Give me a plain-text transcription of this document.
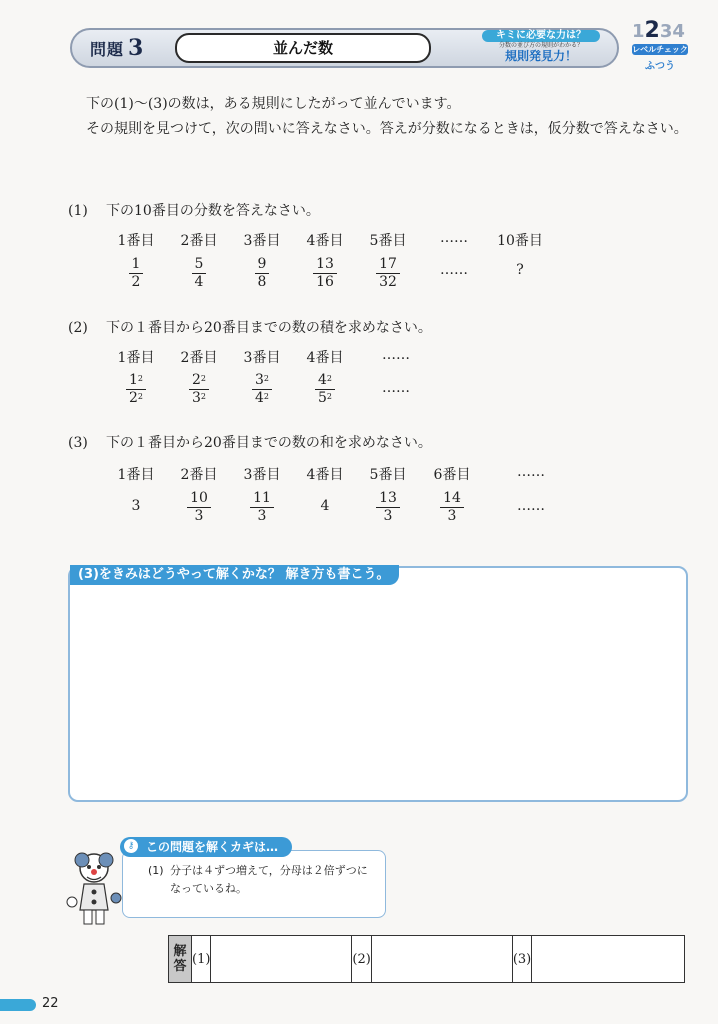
問題 3	並んだ数
キミに必要な力は？
分数の並び方の規則がわかる？
規則発見力！
1234
レベルチェック
ふつう

下の(1)～(3)の数は，ある規則にしたがって並んでいます。

その規則を見つけて，次の問いに答えなさい。答えが分数になるときは，仮分数で答えなさい。

(1) 下の10番目の分数を答えなさい。
1番目	2番目	3番目	4番目	5番目	……	10番目
$\frac{1}{2}$	$\frac{5}{4}$	$\frac{9}{8}$	$\frac{13}{16}$	$\frac{17}{32}$	……	?
(2) 下の１番目から20番目までの数の積を求めなさい。
1番目	2番目	3番目	4番目	……
$\frac{1^2}{2^2}$	$\frac{2^2}{3^2}$	$\frac{3^2}{4^2}$	$\frac{4^2}{5^2}$	……
(3) 下の１番目から20番目までの数の和を求めなさい。
1番目	2番目	3番目	4番目	5番目	6番目	……
3	$\frac{10}{3}$	$\frac{11}{3}$	4	$\frac{13}{3}$	$\frac{14}{3}$	……
(3)をきみはどうやって解くかな？ 解き方も書こう。
この問題を解くカギは…
⚷
(1) 分子は４ずつ増えて，分母は２倍ずつに
なっているね。
解
答	(1)		(2)		(3)	
22
